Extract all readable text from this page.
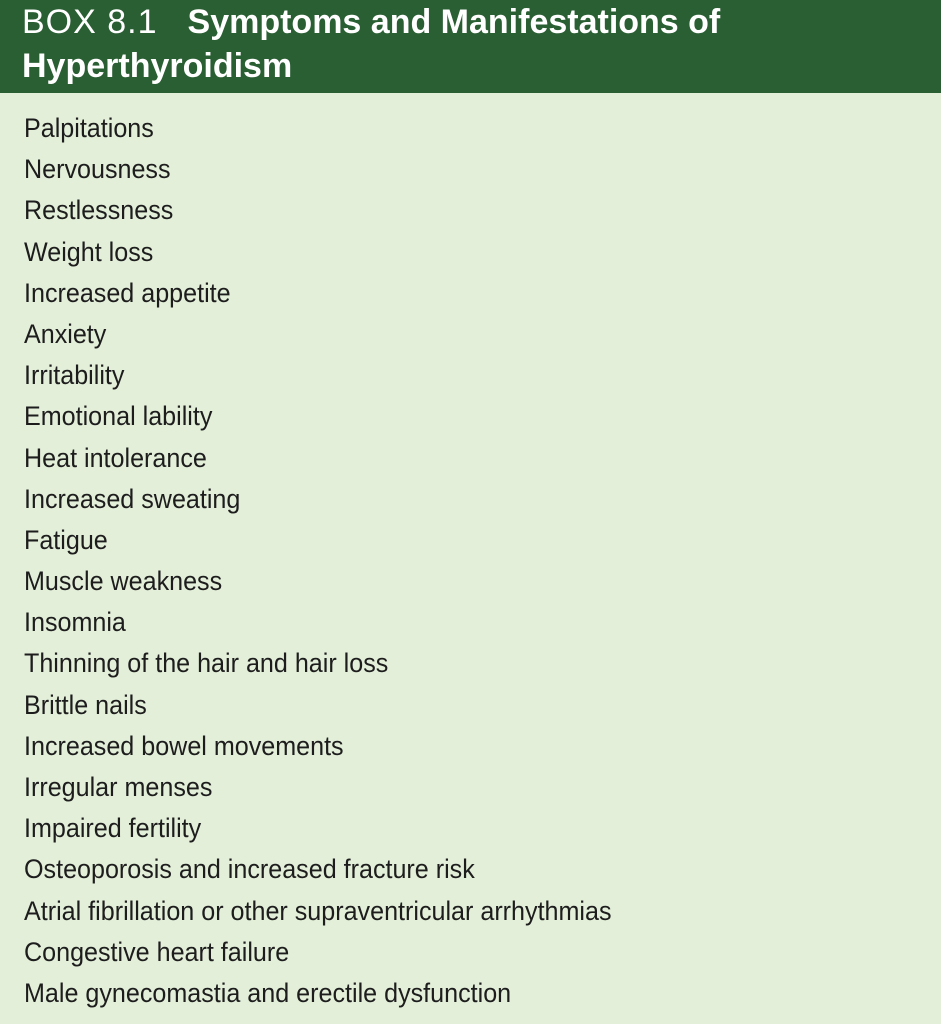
BOX 8.1 Symptoms and Manifestations of
Hyperthyroidism
Palpitations
Nervousness
Restlessness
Weight loss
Increased appetite
Anxiety
Irritability
Emotional lability
Heat intolerance
Increased sweating
Fatigue
Muscle weakness
Insomnia
Thinning of the hair and hair loss
Brittle nails
Increased bowel movements
Irregular menses
Impaired fertility
Osteoporosis and increased fracture risk
Atrial fibrillation or other supraventricular arrhythmias
Congestive heart failure
Male gynecomastia and erectile dysfunction
